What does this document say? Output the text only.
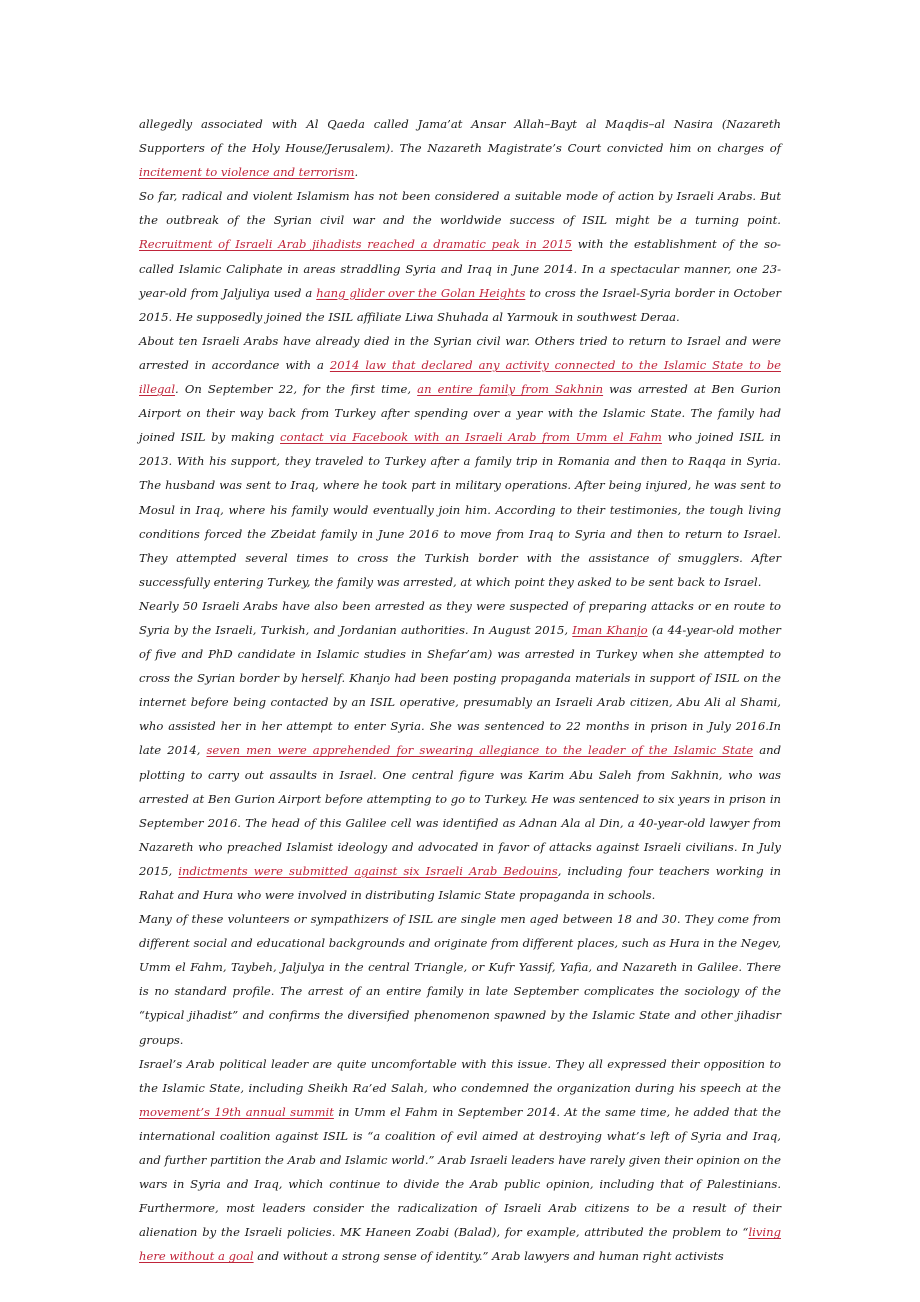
allegedly associated with Al Qaeda called Jama’at Ansar Allah–Bayt al Maqdis–al Nasira (Nazareth Supporters of the Holy House/Jerusalem). The Nazareth Magistrate’s Court convicted him on charges of incitement to violence and terrorism.

So far, radical and violent Islamism has not been considered a suitable mode of action by Israeli Arabs. But the outbreak of the Syrian civil war and the worldwide success of ISIL might be a turning point. Recruitment of Israeli Arab jihadists reached a dramatic peak in 2015 with the establishment of the so-called Islamic Caliphate in areas straddling Syria and Iraq in June 2014. In a spectacular manner, one 23-year-old from Jaljuliya used a hang glider over the Golan Heights to cross the Israel-Syria border in October 2015. He supposedly joined the ISIL affiliate Liwa Shuhada al Yarmouk in southwest Deraa.

About ten Israeli Arabs have already died in the Syrian civil war. Others tried to return to Israel and were arrested in accordance with a 2014 law that declared any activity connected to the Islamic State to be illegal. On September 22, for the first time, an entire family from Sakhnin was arrested at Ben Gurion Airport on their way back from Turkey after spending over a year with the Islamic State. The family had joined ISIL by making contact via Facebook with an Israeli Arab from Umm el Fahm who joined ISIL in 2013. With his support, they traveled to Turkey after a family trip in Romania and then to Raqqa in Syria. The husband was sent to Iraq, where he took part in military operations. After being injured, he was sent to Mosul in Iraq, where his family would eventually join him. According to their testimonies, the tough living conditions forced the Zbeidat family in June 2016 to move from Iraq to Syria and then to return to Israel. They attempted several times to cross the Turkish border with the assistance of smugglers. After successfully entering Turkey, the family was arrested, at which point they asked to be sent back to Israel.

Nearly 50 Israeli Arabs have also been arrested as they were suspected of preparing attacks or en route to Syria by the Israeli, Turkish, and Jordanian authorities. In August 2015, Iman Khanjo (a 44-year-old mother of five and PhD candidate in Islamic studies in Shefar’am) was arrested in Turkey when she attempted to cross the Syrian border by herself. Khanjo had been posting propaganda materials in support of ISIL on the internet before being contacted by an ISIL operative, presumably an Israeli Arab citizen, Abu Ali al Shami, who assisted her in her attempt to enter Syria. She was sentenced to 22 months in prison in July 2016.In late 2014, seven men were apprehended for swearing allegiance to the leader of the Islamic State and plotting to carry out assaults in Israel. One central figure was Karim Abu Saleh from Sakhnin, who was arrested at Ben Gurion Airport before attempting to go to Turkey. He was sentenced to six years in prison in September 2016. The head of this Galilee cell was identified as Adnan Ala al Din, a 40-year-old lawyer from Nazareth who preached Islamist ideology and advocated in favor of attacks against Israeli civilians. In July 2015, indictments were submitted against six Israeli Arab Bedouins, including four teachers working in Rahat and Hura who were involved in distributing Islamic State propaganda in schools.

Many of these volunteers or sympathizers of ISIL are single men aged between 18 and 30. They come from different social and educational backgrounds and originate from different places, such as Hura in the Negev, Umm el Fahm, Taybeh, Jaljulya in the central Triangle, or Kufr Yassif, Yafia, and Nazareth in Galilee. There is no standard profile. The arrest of an entire family in late September complicates the sociology of the “typical jihadist” and confirms the diversified phenomenon spawned by the Islamic State and other jihadisr groups.

Israel’s Arab political leader are quite uncomfortable with this issue. They all expressed their opposition to the Islamic State, including Sheikh Ra’ed Salah, who condemned the organization during his speech at the movement’s 19th annual summit in Umm el Fahm in September 2014. At the same time, he added that the international coalition against ISIL is “a coalition of evil aimed at destroying what’s left of Syria and Iraq, and further partition the Arab and Islamic world.” Arab Israeli leaders have rarely given their opinion on the wars in Syria and Iraq, which continue to divide the Arab public opinion, including that of Palestinians. Furthermore, most leaders consider the radicalization of Israeli Arab citizens to be a result of their alienation by the Israeli policies. MK Haneen Zoabi (Balad), for example, attributed the problem to “living here without a goal and without a strong sense of identity.” Arab lawyers and human right activists
